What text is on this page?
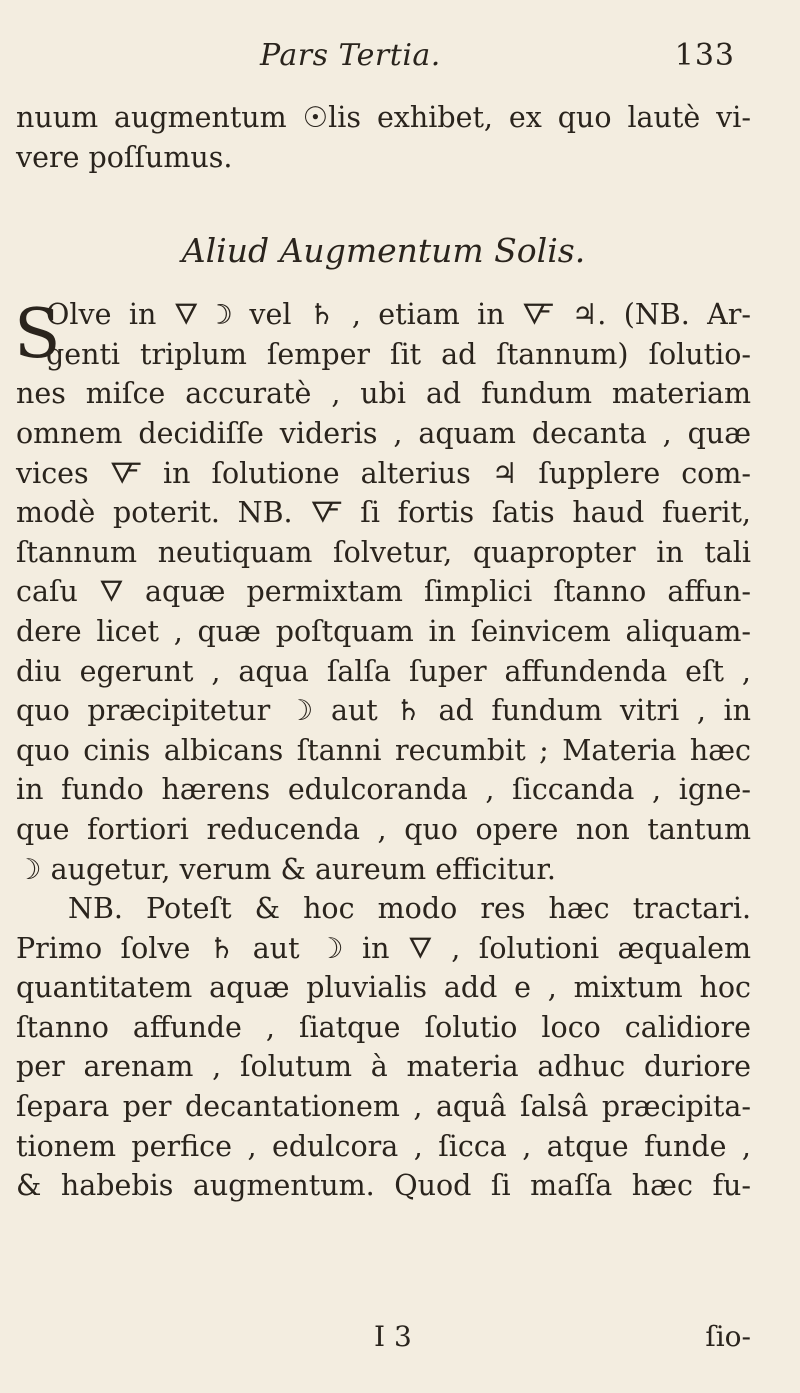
Pars Tertia.	133
nuum augmentum ☉lis exhibet, ex quo lautè vi-
vere poſſumus.
Aliud Augmentum Solis.
S
Olve in 🜄 ☽ vel ♄ , etiam in 🜅 ♃. (NB. Ar-
genti triplum ſemper ſit ad ſtannum) ſolutio-
nes miſce accuratè , ubi ad fundum materiam
omnem decidiſſe videris , aquam decanta , quæ
vices 🜅 in ſolutione alterius ♃ ſupplere com-
modè poterit. NB. 🜅 ſi fortis ſatis haud fuerit,
ſtannum neutiquam ſolvetur, quapropter in tali
caſu 🜄 aquæ permixtam ſimplici ſtanno affun-
dere licet , quæ poſtquam in ſeinvicem aliquam-
diu egerunt , aqua ſalſa ſuper affundenda eſt ,
quo præcipitetur ☽ aut ♄ ad fundum vitri , in
quo cinis albicans ſtanni recumbit ; Materia hæc
in fundo hærens edulcoranda , ſiccanda , igne-
que fortiori reducenda , quo opere non tantum
☽ augetur, verum & aureum efficitur.
NB. Poteſt & hoc modo res hæc tractari.
Primo ſolve ♄ aut ☽ in 🜄 , ſolutioni æqualem
quantitatem aquæ pluvialis add e , mixtum hoc
ſtanno affunde , ſiatque ſolutio loco calidiore
per arenam , ſolutum à materia adhuc duriore
ſepara per decantationem , aquâ ſalsâ præcipita-
tionem perfice , edulcora , ſicca , atque funde ,
& habebis augmentum. Quod ſi maſſa hæc fu-
I 3	ſio-
